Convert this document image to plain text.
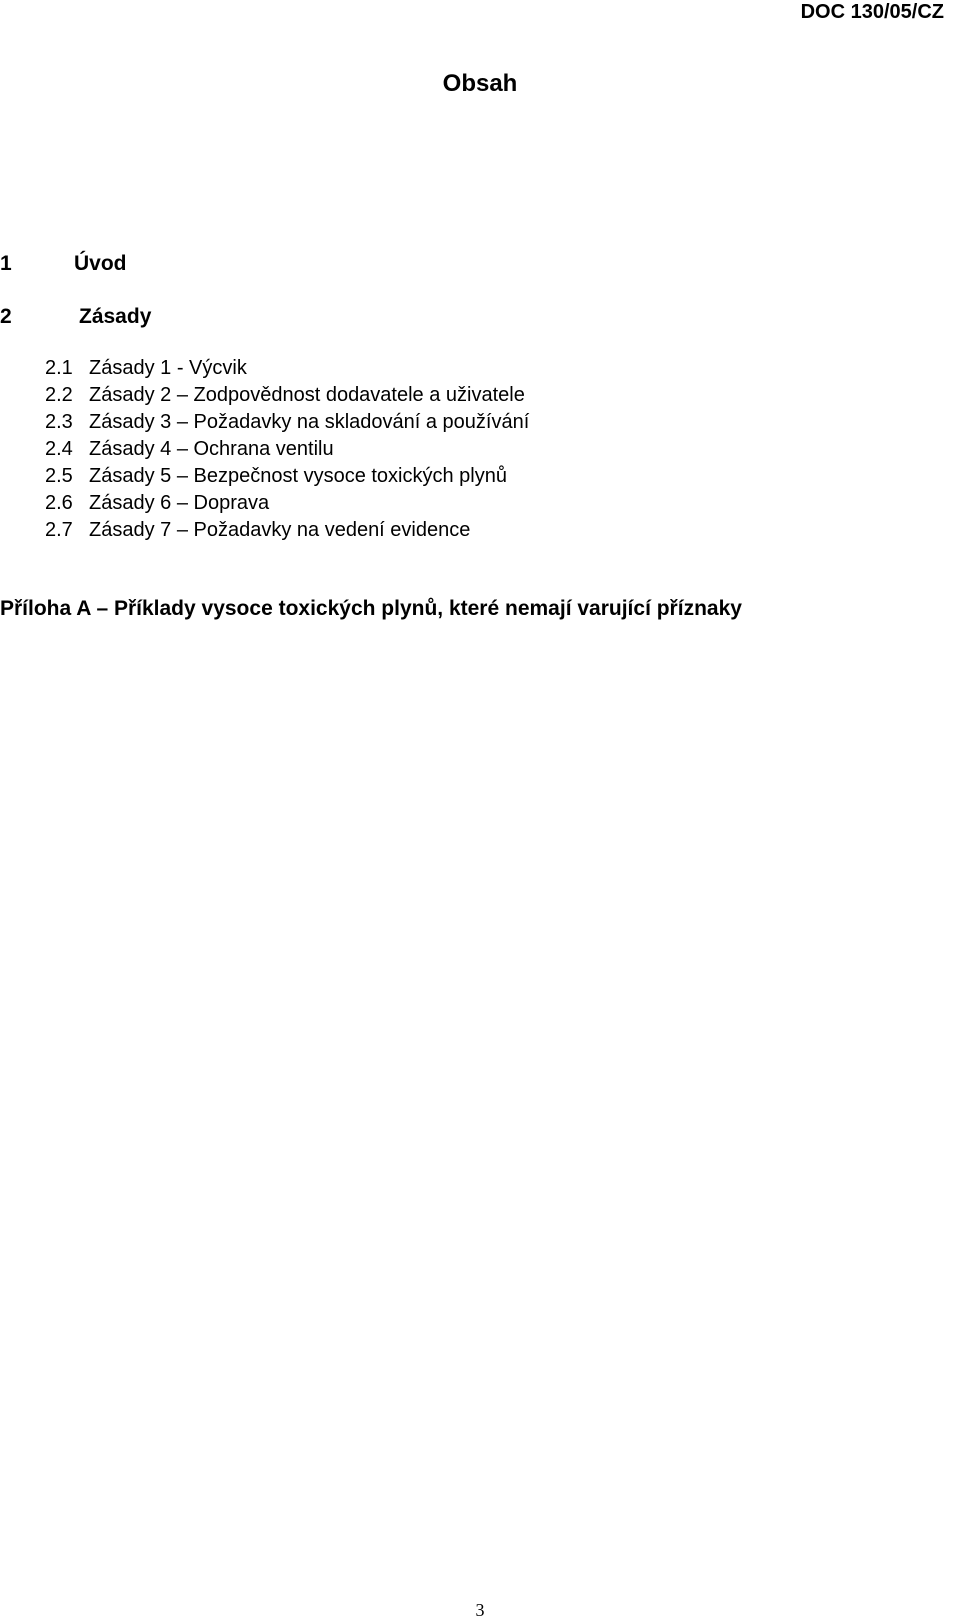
DOC 130/05/CZ
Obsah
1	Úvod
2	Zásady
2.1 Zásady 1 - Výcvik
2.2 Zásady 2 – Zodpovědnost dodavatele a uživatele
2.3 Zásady 3 – Požadavky na skladování a používání
2.4 Zásady 4 – Ochrana ventilu
2.5 Zásady 5 – Bezpečnost vysoce toxických plynů
2.6 Zásady 6 – Doprava
2.7 Zásady 7 – Požadavky na vedení evidence
Příloha A – Příklady vysoce toxických plynů, které nemají varující příznaky
3
